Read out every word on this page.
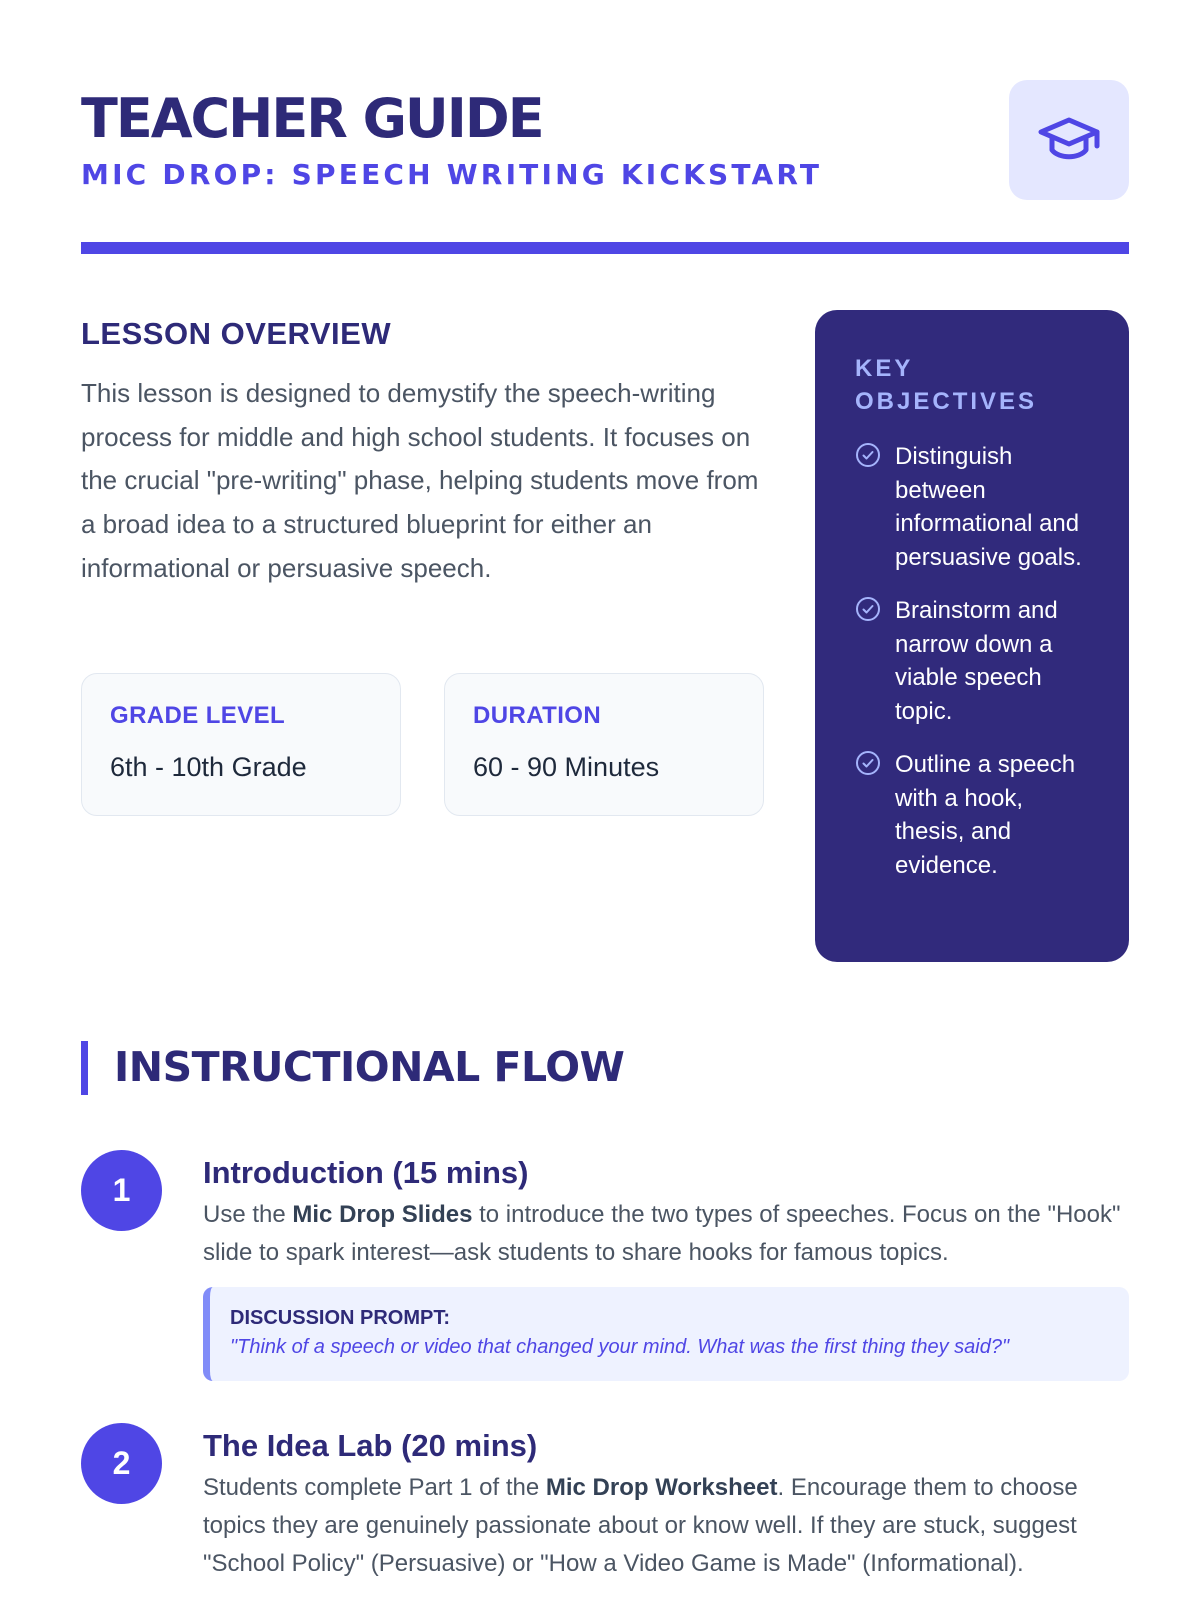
TEACHER GUIDE
MIC DROP: SPEECH WRITING KICKSTART
LESSON OVERVIEW

This lesson is designed to demystify the speech-writing process for middle and high school students. It focuses on the crucial "pre-writing" phase, helping students move from a broad idea to a structured blueprint for either an informational or persuasive speech.

GRADE LEVEL
6th - 10th Grade
DURATION
60 - 90 Minutes
KEY OBJECTIVES
Distinguish between informational and persuasive goals.
Brainstorm and narrow down a viable speech topic.
Outline a speech with a hook, thesis, and evidence.
INSTRUCTIONAL FLOW
1	Introduction (15 mins)

Use the Mic Drop Slides to introduce the two types of speeches. Focus on the "Hook" slide to spark interest—ask students to share hooks for famous topics.

DISCUSSION PROMPT:
"Think of a speech or video that changed your mind. What was the first thing they said?"
2	The Idea Lab (20 mins)

Students complete Part 1 of the Mic Drop Worksheet. Encourage them to choose topics they are genuinely passionate about or know well. If they are stuck, suggest "School Policy" (Persuasive) or "How a Video Game is Made" (Informational).
